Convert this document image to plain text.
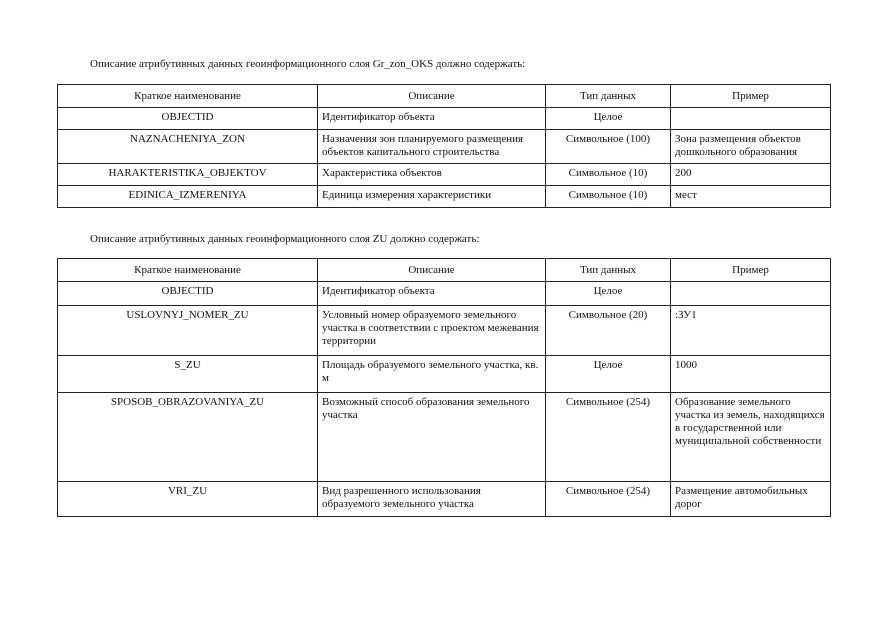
Описание атрибутивных данных геоинформационного слоя Gr_zon_OKS должно содержать:

Краткое наименование	Описание	Тип данных	Пример
OBJECTID	Идентификатор объекта	Целое	
NAZNACHENIYA_ZON	Назначения зон планируемого размещения объектов капитального строительства	Символьное (100)	Зона размещения объектов дошкольного образования
HARAKTERISTIKA_OBJEKTOV	Характеристика объектов	Символьное (10)	200
EDINICA_IZMERENIYA	Единица измерения характеристики	Символьное (10)	мест

Описание атрибутивных данных геоинформационного слоя ZU должно содержать:

Краткое наименование	Описание	Тип данных	Пример
OBJECTID	Идентификатор объекта	Целое	
USLOVNYJ_NOMER_ZU	Условный номер образуемого земельного участка в соответствии с проектом межевания территории	Символьное (20)	:ЗУ1
S_ZU	Площадь образуемого земельного участка, кв. м	Целое	1000
SPOSOB_OBRAZOVANIYA_ZU	Возможный способ образования земельного участка	Символьное (254)	Образование земельного участка из земель, находящихся в государственной или муниципальной собственности
VRI_ZU	Вид разрешенного использования образуемого земельного участка	Символьное (254)	Размещение автомобильных дорог
